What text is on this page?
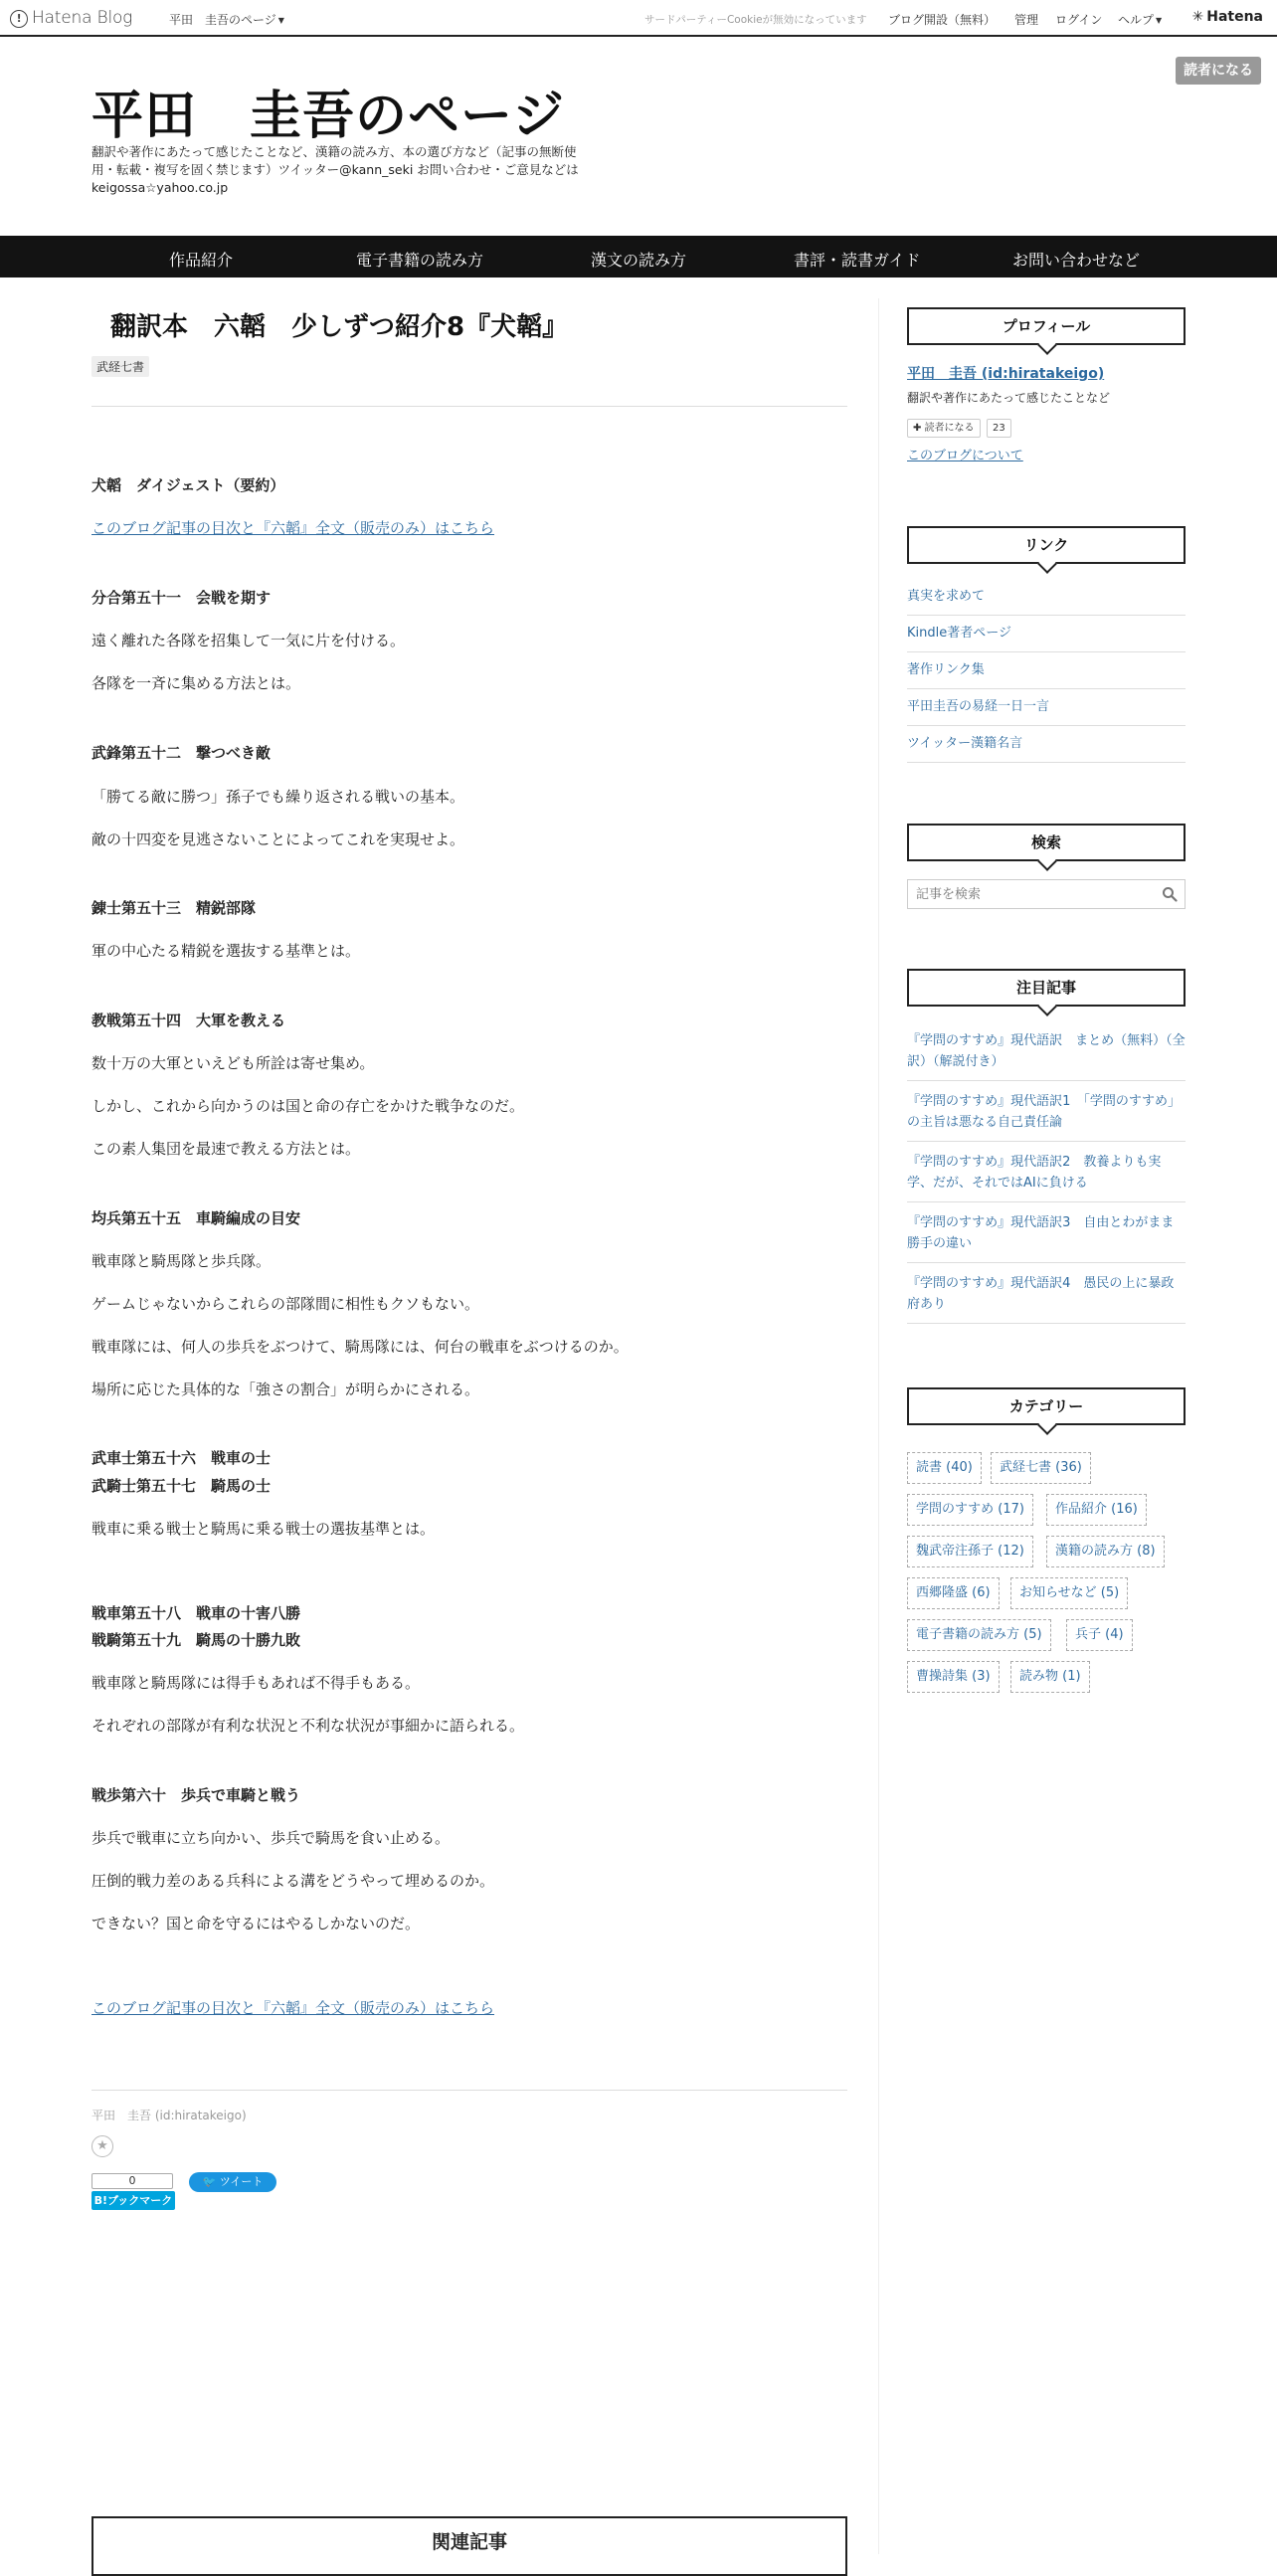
! Hatena Blog	平田　圭吾のページ ▼	サードパーティーCookieが無効になっています ブログ開設（無料） 管理 ログイン ヘルプ ▼ ✳ Hatena
読者になる
平田　圭吾のページ

翻訳や著作にあたって感じたことなど、漢籍の読み方、本の選び方など（記事の無断使用・転載・複写を固く禁じます）ツイッター@kann_seki お問い合わせ・ご意見などはkeigossa☆yahoo.co.jp

作品紹介	電子書籍の読み方	漢文の読み方	書評・読書ガイド	お問い合わせなど
翻訳本　六韜　少しずつ紹介8『犬韜』
武経七書

犬韜　ダイジェスト（要約）

このブログ記事の目次と『六韜』全文（販売のみ）はこちら

分合第五十一　会戦を期す

遠く離れた各隊を招集して一気に片を付ける。

各隊を一斉に集める方法とは。

武鋒第五十二　撃つべき敵

「勝てる敵に勝つ」孫子でも繰り返される戦いの基本。

敵の十四変を見逃さないことによってこれを実現せよ。

錬士第五十三　精鋭部隊

軍の中心たる精鋭を選抜する基準とは。

教戦第五十四　大軍を教える

数十万の大軍といえども所詮は寄せ集め。

しかし、これから向かうのは国と命の存亡をかけた戦争なのだ。

この素人集団を最速で教える方法とは。

均兵第五十五　車騎編成の目安

戦車隊と騎馬隊と歩兵隊。

ゲームじゃないからこれらの部隊間に相性もクソもない。

戦車隊には、何人の歩兵をぶつけて、騎馬隊には、何台の戦車をぶつけるのか。

場所に応じた具体的な「強さの割合」が明らかにされる。

武車士第五十六　戦車の士

武騎士第五十七　騎馬の士

戦車に乗る戦士と騎馬に乗る戦士の選抜基準とは。

戦車第五十八　戦車の十害八勝

戦騎第五十九　騎馬の十勝九敗

戦車隊と騎馬隊には得手もあれば不得手もある。

それぞれの部隊が有利な状況と不利な状況が事細かに語られる。

戦歩第六十　歩兵で車騎と戦う

歩兵で戦車に立ち向かい、歩兵で騎馬を食い止める。

圧倒的戦力差のある兵科による溝をどうやって埋めるのか。

できない？国と命を守るにはやるしかないのだ。

このブログ記事の目次と『六韜』全文（販売のみ）はこちら

平田　圭吾 (id:hiratakeigo)
★
0
B!ブックマーク
🐦 ツイート
関連記事
プロフィール
平田　圭吾 (id:hiratakeigo)
翻訳や著作にあたって感じたことなど
✚ 読者になる	23
このブログについて
リンク
真実を求めて
Kindle著者ページ
著作リンク集
平田圭吾の易経一日一言
ツイッター漢籍名言
検索
記事を検索
注目記事
『学問のすすめ』現代語訳　まとめ（無料）（全訳）（解説付き）
『学問のすすめ』現代語訳1　「学問のすすめ」の主旨は悪なる自己責任論
『学問のすすめ』現代語訳2　教養よりも実学、だが、それではAIに負ける
『学問のすすめ』現代語訳3　自由とわがまま勝手の違い
『学問のすすめ』現代語訳4　愚民の上に暴政府あり
カテゴリー
読書 (40)	武経七書 (36)
学問のすすめ (17)	作品紹介 (16)
魏武帝注孫子 (12)	漢籍の読み方 (8)
西郷隆盛 (6)	お知らせなど (5)
電子書籍の読み方 (5)	兵子 (4)
曹操詩集 (3)	読み物 (1)
